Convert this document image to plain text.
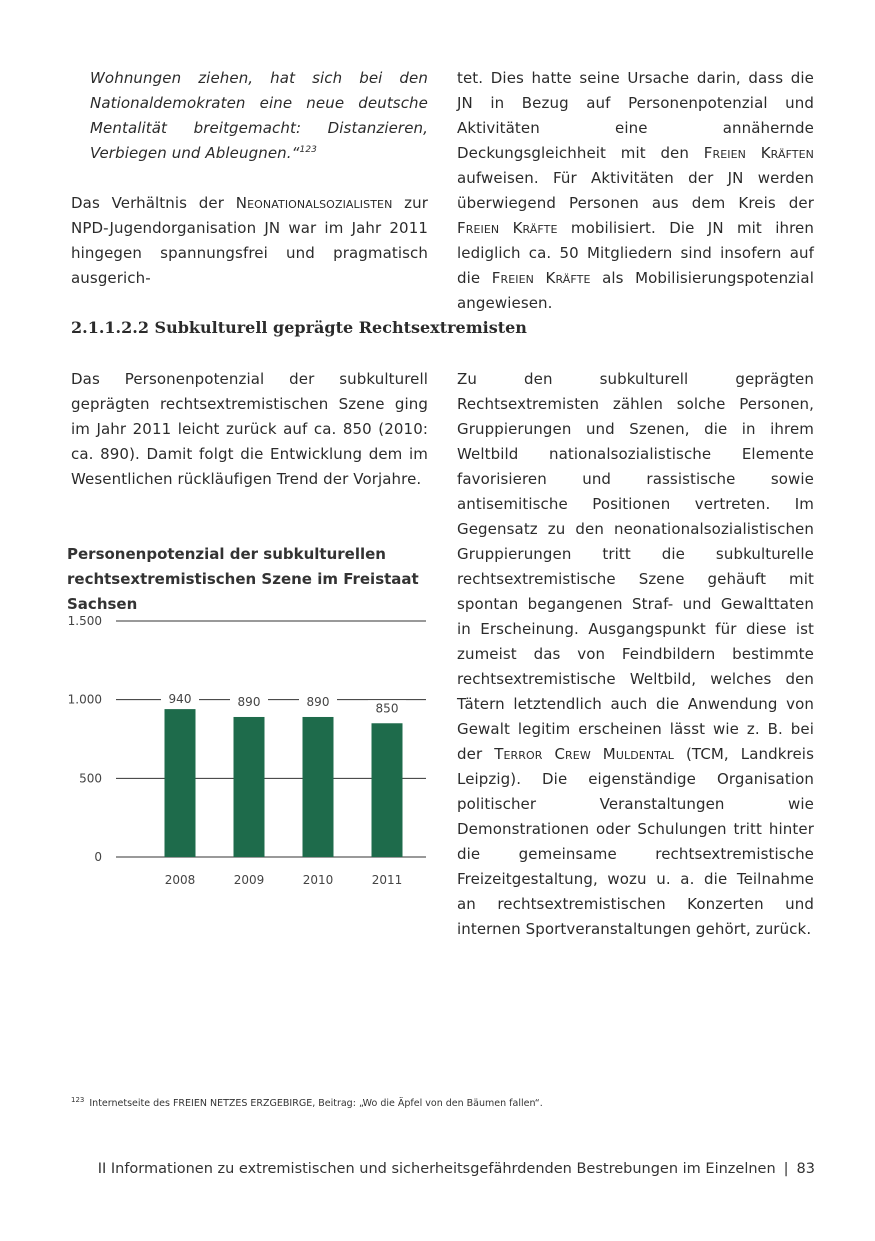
Wohnungen ziehen, hat sich bei den Nationaldemokraten eine neue deutsche Mentalität breitgemacht: Distanzieren, Verbiegen und Ableugnen.“$^{123}$

Das Verhältnis der Neonationalsozialisten zur NPD-Jugendorganisation JN war im Jahr 2011 hingegen spannungsfrei und pragmatisch ausgerich-

tet. Dies hatte seine Ursache darin, dass die JN in Bezug auf Personenpotenzial und Aktivitäten eine annähernde Deckungsgleichheit mit den Freien Kräften aufweisen. Für Aktivitäten der JN werden überwiegend Personen aus dem Kreis der Freien Kräfte mobilisiert. Die JN mit ihren lediglich ca. 50 Mitgliedern sind insofern auf die Freien Kräfte als Mobilisierungspotenzial angewiesen.

2.1.1.2.2 Subkulturell geprägte Rechtsextremisten

Das Personenpotenzial der subkulturell geprägten rechtsextremistischen Szene ging im Jahr 2011 leicht zurück auf ca. 850 (2010: ca. 890). Damit folgt die Entwicklung dem im Wesentlichen rückläufigen Trend der Vorjahre.

Zu den subkulturell geprägten Rechtsextremisten zählen solche Personen, Gruppierungen und Szenen, die in ihrem Weltbild nationalsozialistische Elemente favorisieren und rassistische sowie antisemitische Positionen vertreten. Im Gegensatz zu den neonationalsozialistischen Gruppierungen tritt die subkulturelle rechtsextremistische Szene gehäuft mit spontan begangenen Straf- und Gewalttaten in Erscheinung. Ausgangspunkt für diese ist zumeist das von Feindbildern bestimmte rechtsextremistische Weltbild, welches den Tätern letztendlich auch die Anwendung von Gewalt legitim erscheinen lässt wie z. B. bei der Terror Crew Muldental (TCM, Landkreis Leipzig). Die eigenständige Organisation politischer Veranstaltungen wie Demonstrationen oder Schulungen tritt hinter die gemeinsame rechtsextremistische Freizeitgestaltung, wozu u. a. die Teilnahme an rechtsextremistischen Konzerten und internen Sportveranstaltungen gehört, zurück.

Personenpotenzial der subkulturellen rechtsextremistischen Szene im Freistaat Sachsen
0
500
1.000
1.500
940
2008
890
2009
890
2010
850
2011
$^{123}$ Internetseite des FREIEN NETZES ERZGEBIRGE, Beitrag: „Wo die Äpfel von den Bäumen fallen“.
II Informationen zu extremistischen und sicherheitsgefährdenden Bestrebungen im Einzelnen | 83
